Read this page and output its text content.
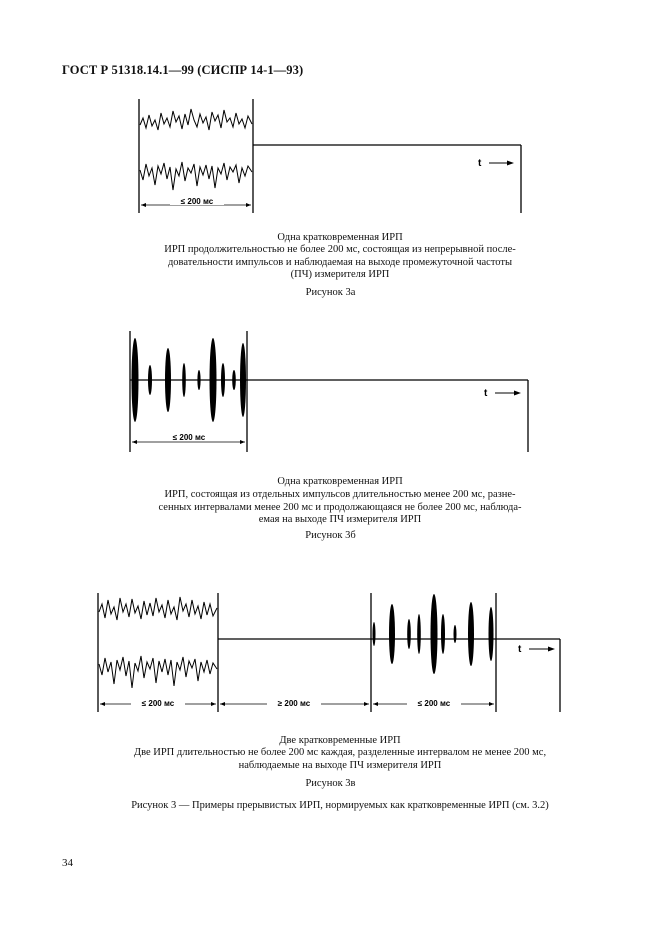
ГОСТ Р 51318.14.1—99 (СИСПР 14-1—93)
t
≤ 200 мс
t
≤ 200 мс
t
≤ 200 мс	≥ 200 мс	≤ 200 мс
Одна кратковременная ИРП
ИРП продолжительностью не более 200 мс, состоящая из непрерывной после-
довательности импульсов и наблюдаемая на выходе промежуточной частоты
(ПЧ) измерителя ИРП
Рисунок 3а
Одна кратковременная ИРП
ИРП, состоящая из отдельных импульсов длительностью менее 200 мс, разне-
сенных интервалами менее 200 мс и продолжающаяся не более 200 мс, наблюда-
емая на выходе ПЧ измерителя ИРП
Рисунок 3б
Две кратковременные ИРП
Две ИРП длительностью не более 200 мс каждая, разделенные интервалом не менее 200 мс,
наблюдаемые на выходе ПЧ измерителя ИРП
Рисунок 3в
Рисунок 3 — Примеры прерывистых ИРП, нормируемых как кратковременные ИРП (см. 3.2)
34
